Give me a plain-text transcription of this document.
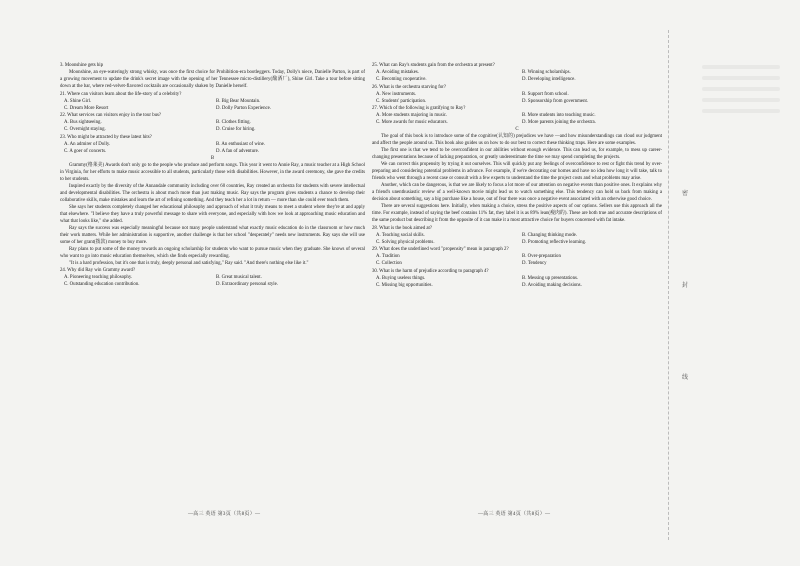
3. Moonshine gets hip

Moonshine, an eye-wateringly strong whisky, was once the first choice for Prohibition-era bootleggers. Today, Dolly's niece, Danielle Parton, is part of a growing movement to update the drink's secret image with the opening of her Tennessee micro-distillery(酿酒厂), Shine Girl. Take a tour before sitting down at the bar, where red-velvet-flavored cocktails are occasionally shaken by Danielle herself.

21. Where can visitors learn about the life-story of a celebrity?

A. Shine Girl.	B. Big Bear Mountain.
C. Dream More Resort	D. Dolly Parton Experience.

22. What services can visitors enjoy in the tour bus?

A. Bus sightseeing.	B. Clothes fitting.
C. Overnight staying.	D. Cruise for hiring.

23. Who might be attracted by these latest hits?

A. An admirer of Dolly.	B. An enthusiast of wine.
C. A goer of concerts.	D. A fan of adventure.

B

Grammy(格莱美) Awards don't only go to the people who produce and perform songs. This year it went to Annie Ray, a music teacher at a High School in Virginia, for her efforts to make music accessible to all students, particularly those with disabilities. However, in the award ceremony, she gave the credits to her students.

Inspired exactly by the diversity of the Annandale community including over 60 countries, Ray created an orchestra for students with severe intellectual and developmental disabilities. The orchestra is about much more than just making music. Ray says the program gives students a chance to develop their collaborative skills, make mistakes and learn the art of refining something. And they teach her a lot in return — more than she could ever teach them.

She says her students completely changed her educational philosophy and approach of what it truly means to meet a student where they're at and apply that elsewhere. "I believe they have a truly powerful message to share with everyone, and especially with how we look at approaching music education and what that looks like," she added.

Ray says the success was especially meaningful because not many people understand what exactly music education do in the classroom or how much their work matters. While her administration is supportive, another challenge is that her school "desperately" needs new instruments. Ray says she will use some of her grant(拨款) money to buy more.

Ray plans to put some of the money towards an ongoing scholarship for students who want to pursue music when they graduate. She knows of several who want to go into music education themselves, which she finds especially rewarding.

"It is a hard profession, but it's one that is truly, deeply personal and satisfying," Ray said. "And there's nothing else like it."

24. Why did Ray win Grammy award?

A. Pioneering teaching philosophy.	B. Great musical talent.
C. Outstanding education contribution.	D. Extraordinary personal style.
—高三 英语 第3页（共8页）—

25. What can Ray's students gain from the orchestra at present?

A. Avoiding mistakes.	B. Winning scholarships.
C. Becoming cooperative.	D. Developing intelligence.

26. What is the orchestra starving for?

A. New instruments.	B. Support from school.
C. Students' participation.	D. Sponsorship from government.

27. Which of the following is gratifying to Ray?

A. More students majoring in music.	B. More students into teaching music.
C. More awards for music educators.	D. More parents joining the orchestra.

C

The goal of this book is to introduce some of the cognitive(认知的) prejudices we have —and how misunderstandings can cloud our judgment and affect the people around us. This book also guides us on how to do our best to correct these thinking traps. Here are some examples.

The first one is that we tend to be overconfident in our abilities without enough evidence. This can lead us, for example, to mess up career-changing presentations because of lacking preparation, or greatly underestimate the time we may spend completing the projects.

We can correct this propensity by trying it out ourselves. This will quickly put any feelings of overconfidence to rest or fight this trend by over-preparing and considering potential problems in advance. For example, if we're decorating our homes and have no idea how long it will take, talk to friends who went through a recent case or consult with a few experts to understand the time the project costs and what problems may arise.

Another, which can be dangerous, is that we are likely to focus a lot more of our attention on negative events than positive ones. It explains why a friend's unenthusiastic review of a well-known movie might lead us to watch something else. This tendency can hold us back from making a decision about something, say a big purchase like a house, out of fear there was once a negative event associated with an otherwise good choice.

There are several suggestions here. Initially, when making a choice, stress the positive aspects of our options. Sellers use this approach all the time. For example, instead of saying the beef contains 11% fat, they label it is as 89% lean(瘦肉的). These are both true and accurate descriptions of the same product but describing it from the opposite of it can make it a most attractive choice for buyers concerned with fat intake.

28. What is the book aimed at?

A. Teaching social skills.	B. Changing thinking mode.
C. Solving physical problems.	D. Promoting reflective learning.

29. What does the underlined word "propensity" mean in paragraph 2?

A. Tradition	B. Over-preparation
C. Collection	D. Tendency

30. What is the harm of prejudice according to paragraph 4?

A. Buying useless things.	B. Messing up presentations.
C. Missing big opportunities.	D. Avoiding making decisions.
—高三 英语 第4页（共8页）—
密
封
线
